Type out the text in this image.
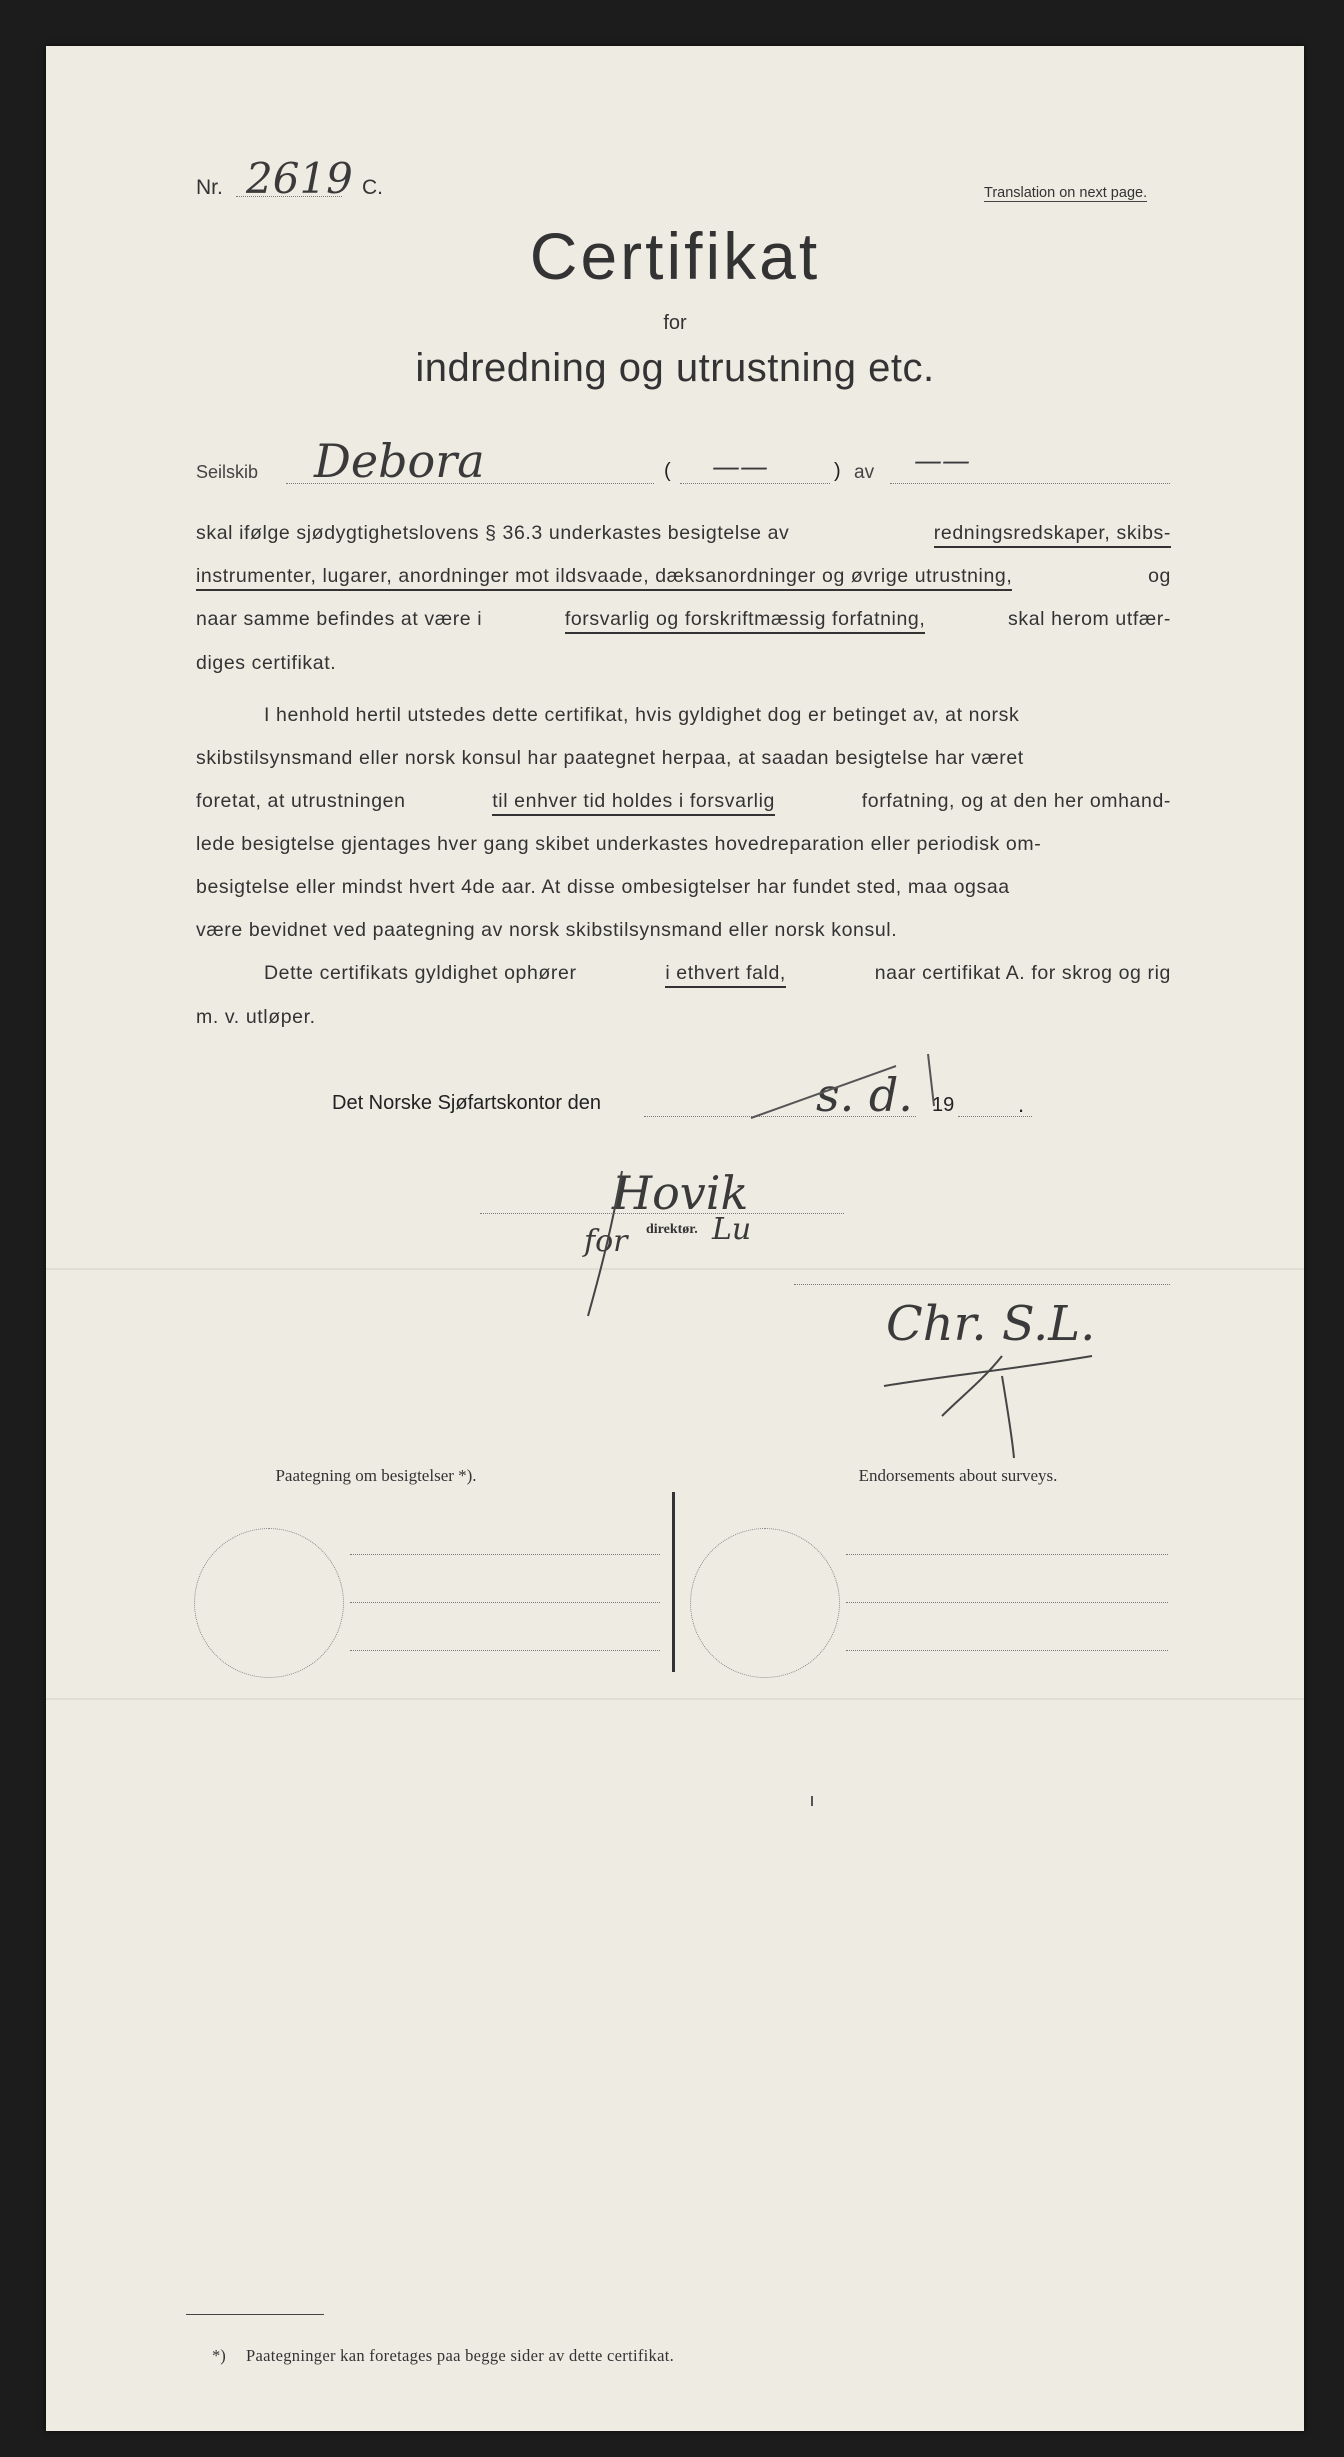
Nr. 2619 C.	Translation on next page.
Certifikat
for
indredning og utrustning etc.
Seilskib Debora	( ——	) av ——
skal ifølge sjødygtighetslovens § 36.3 underkastes besigtelse av	redningsredskaper, skibs-
instrumenter, lugarer, anordninger mot ildsvaade, dæksanordninger og øvrige utrustning,	og
naar samme befindes at være i	forsvarlig og forskriftmæssig forfatning,	skal herom utfær-
diges certifikat.
I henhold hertil utstedes dette certifikat, hvis gyldighet dog er betinget av, at norsk
skibstilsynsmand eller norsk konsul har paategnet herpaa, at saadan besigtelse har været
foretat, at utrustningen	til enhver tid holdes i forsvarlig	forfatning, og at den her omhand-
lede besigtelse gjentages hver gang skibet underkastes hovedreparation eller periodisk om-
besigtelse eller mindst hvert 4de aar. At disse ombesigtelser har fundet sted, maa ogsaa
være bevidnet ved paategning av norsk skibstilsynsmand eller norsk konsul.
Dette certifikats gyldighet ophører	i ethvert fald,	naar certifikat A. for skrog og rig
m. v. utløper.
Det Norske Sjøfartskontor den	s. d. 19	.
Hovik
for direktør. Lu
Chr. S.L.
Paategning om besigtelser *).	Endorsements about surveys.
*) Paategninger kan foretages paa begge sider av dette certifikat.
